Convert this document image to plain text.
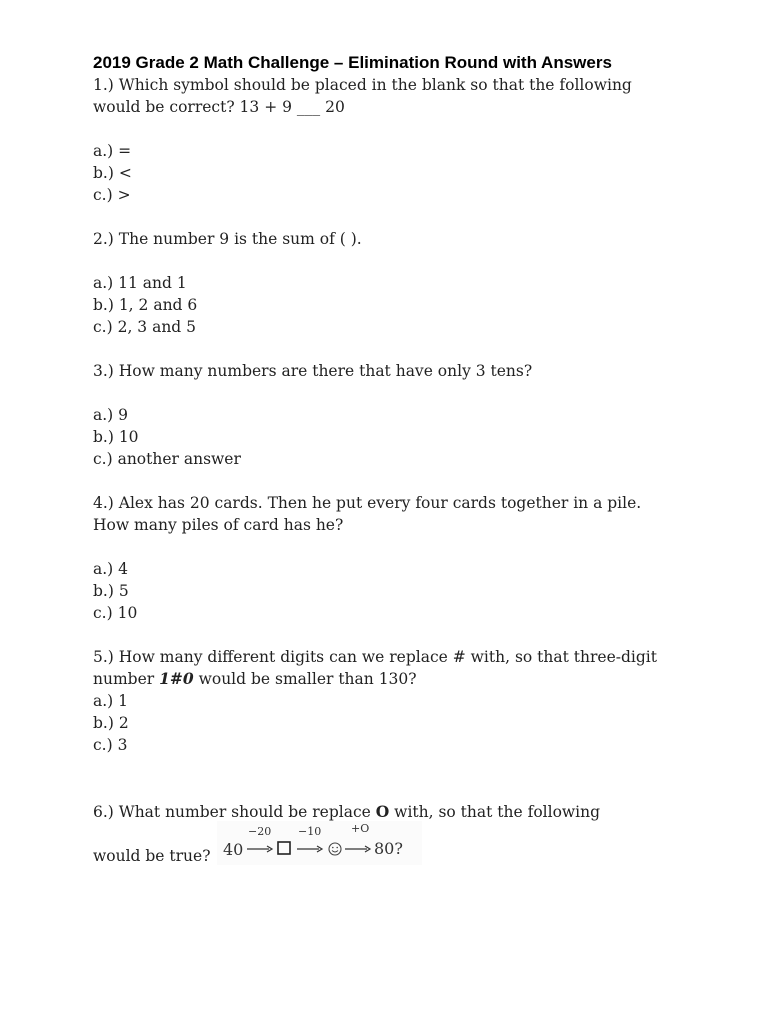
2019 Grade 2 Math Challenge – Elimination Round with Answers

1.) Which symbol should be placed in the blank so that the following would be correct? 13 + 9 ___ 20

a.) =

b.) <

c.) >

2.) The number 9 is the sum of ( ).

a.) 11 and 1

b.) 1, 2 and 6

c.) 2, 3 and 5

3.) How many numbers are there that have only 3 tens?

a.) 9

b.) 10

c.) another answer

4.) Alex has 20 cards. Then he put every four cards together in a pile. How many piles of card has he?

a.) 4

b.) 5

c.) 10

5.) How many different digits can we replace # with, so that three-digit number 1#0 would be smaller than 130?

a.) 1

b.) 2

c.) 3

6.) What number should be replace O with, so that the following

would be true? 40
−20 −10	+O
80?
